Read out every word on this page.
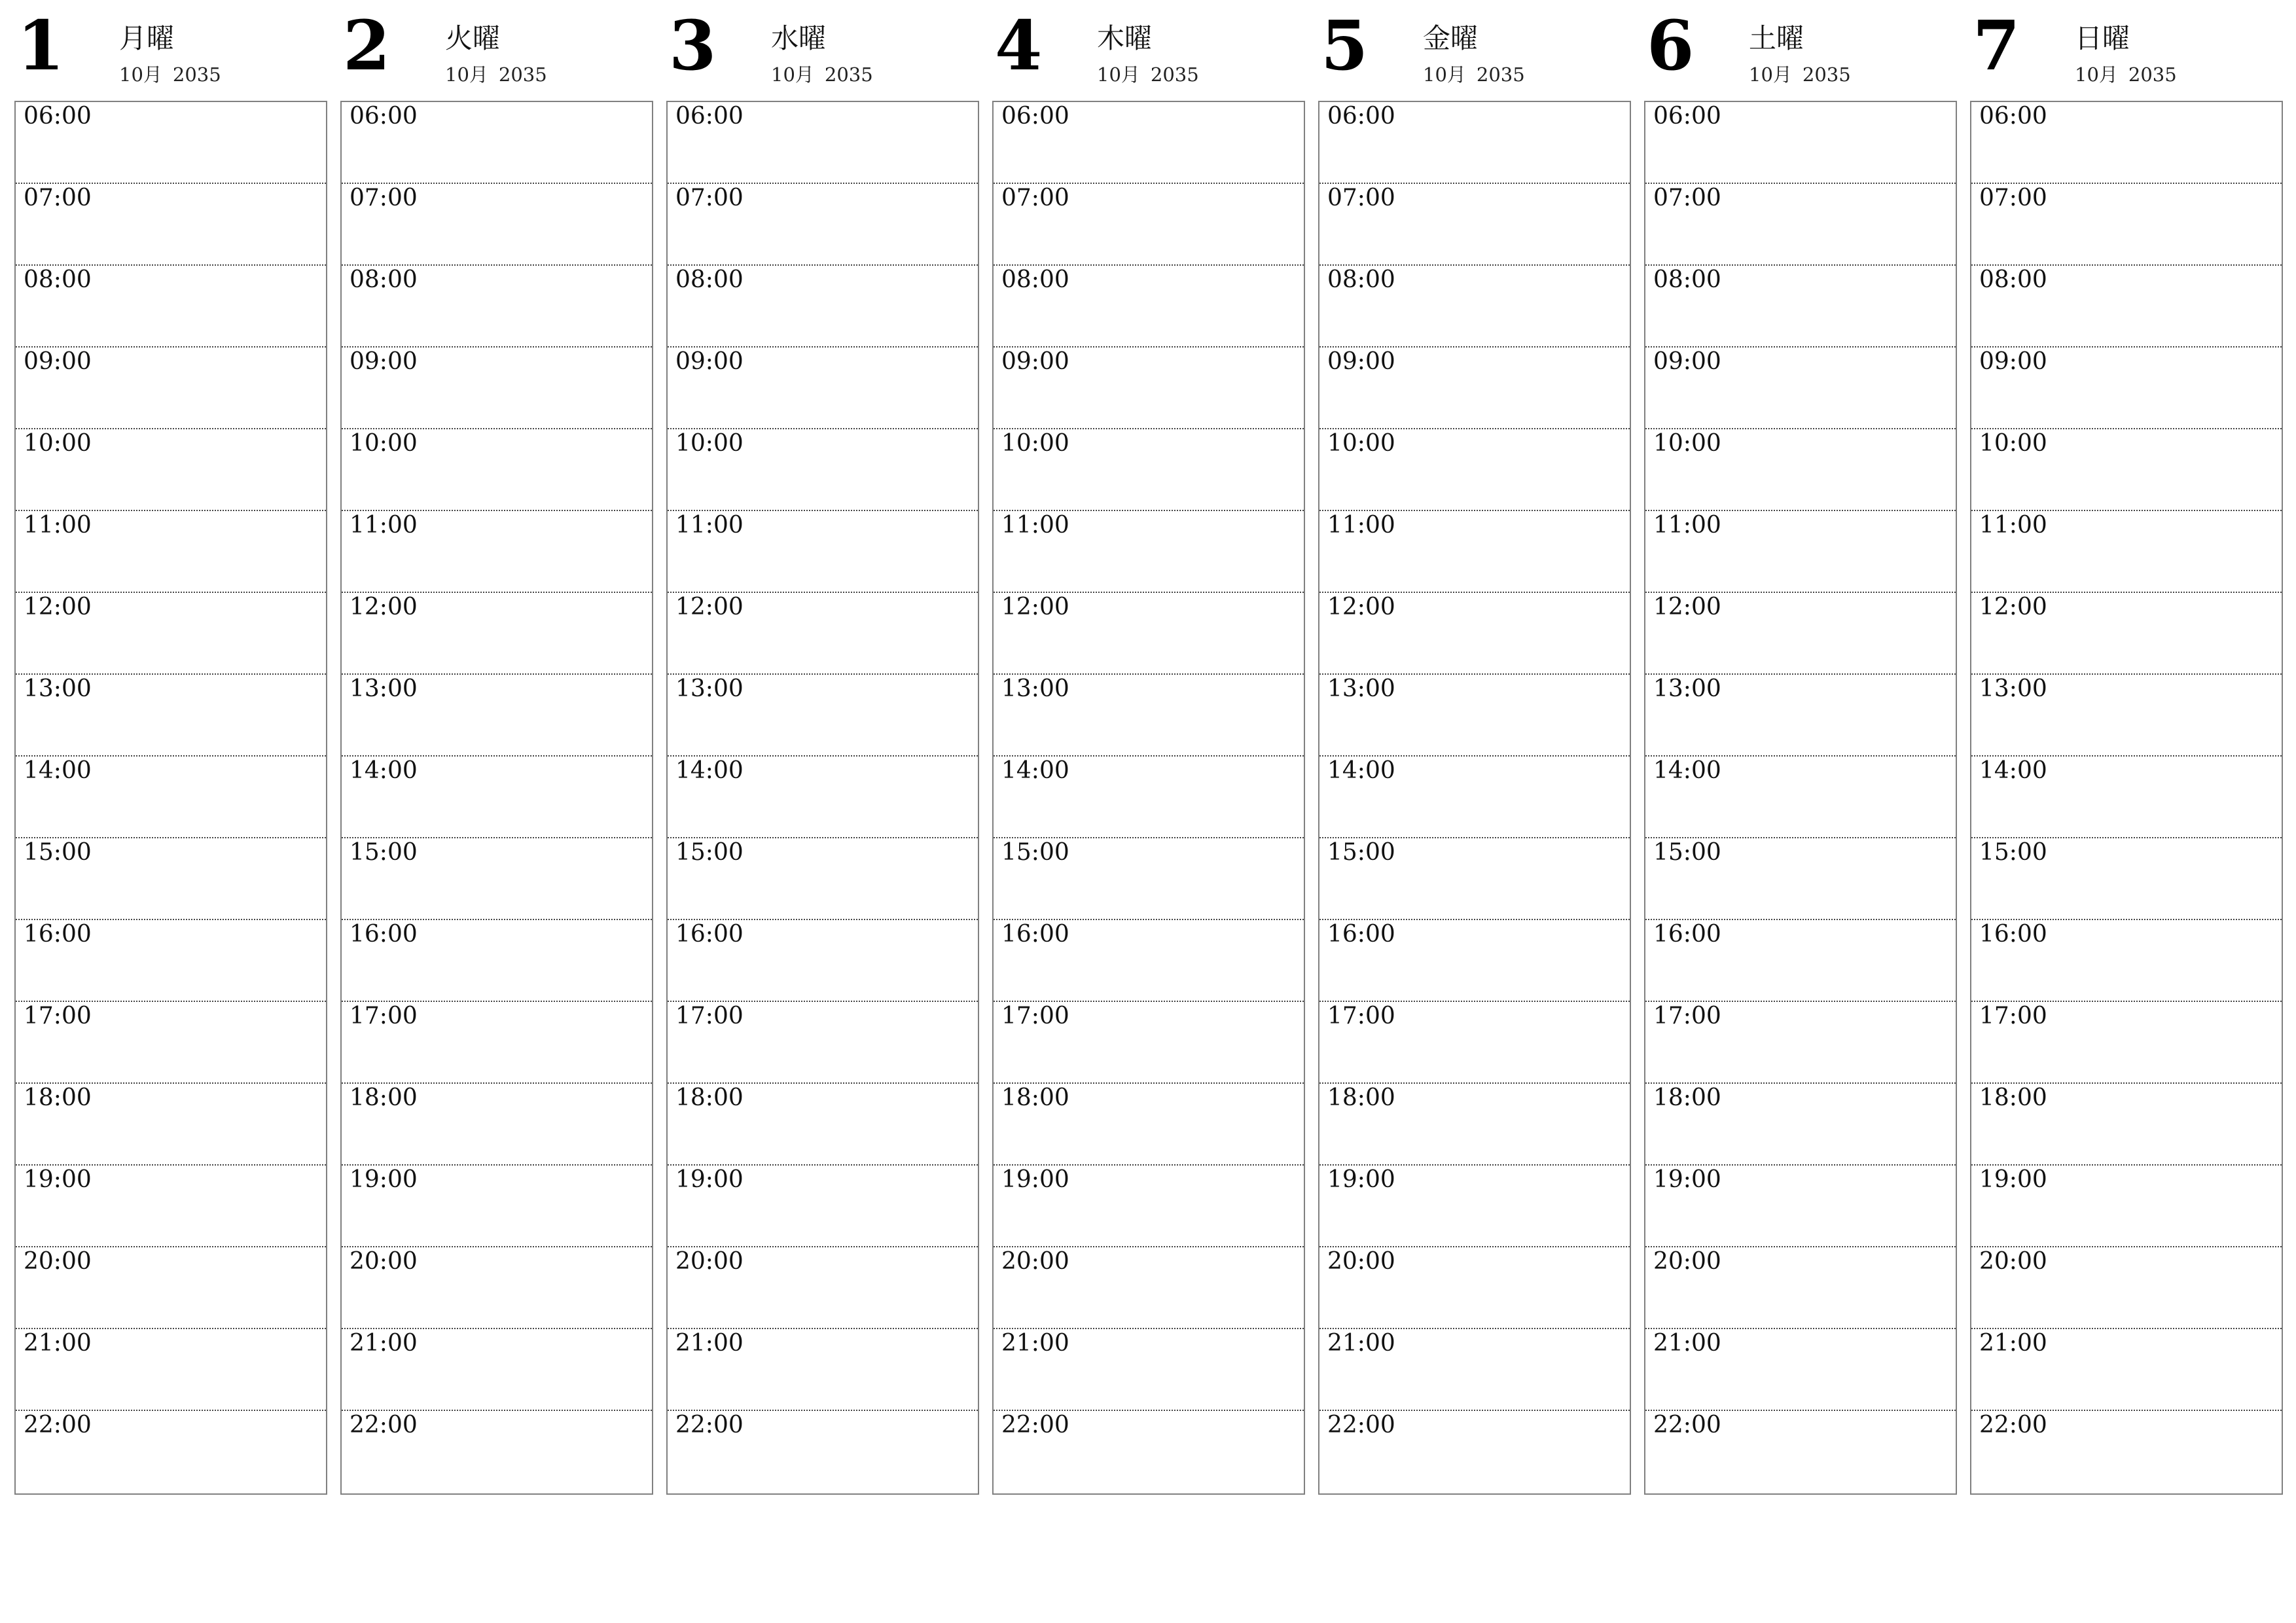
1 月曜
10月 2035
06:00
07:00
08:00
09:00
10:00
11:00
12:00
13:00
14:00
15:00
16:00
17:00
18:00
19:00
20:00
21:00
22:00
2 火曜
10月 2035
06:00
07:00
08:00
09:00
10:00
11:00
12:00
13:00
14:00
15:00
16:00
17:00
18:00
19:00
20:00
21:00
22:00
3 水曜
10月 2035
06:00
07:00
08:00
09:00
10:00
11:00
12:00
13:00
14:00
15:00
16:00
17:00
18:00
19:00
20:00
21:00
22:00
4 木曜
10月 2035
06:00
07:00
08:00
09:00
10:00
11:00
12:00
13:00
14:00
15:00
16:00
17:00
18:00
19:00
20:00
21:00
22:00
5 金曜
10月 2035
06:00
07:00
08:00
09:00
10:00
11:00
12:00
13:00
14:00
15:00
16:00
17:00
18:00
19:00
20:00
21:00
22:00
6 土曜
10月 2035
06:00
07:00
08:00
09:00
10:00
11:00
12:00
13:00
14:00
15:00
16:00
17:00
18:00
19:00
20:00
21:00
22:00
7 日曜
10月 2035
06:00
07:00
08:00
09:00
10:00
11:00
12:00
13:00
14:00
15:00
16:00
17:00
18:00
19:00
20:00
21:00
22:00
